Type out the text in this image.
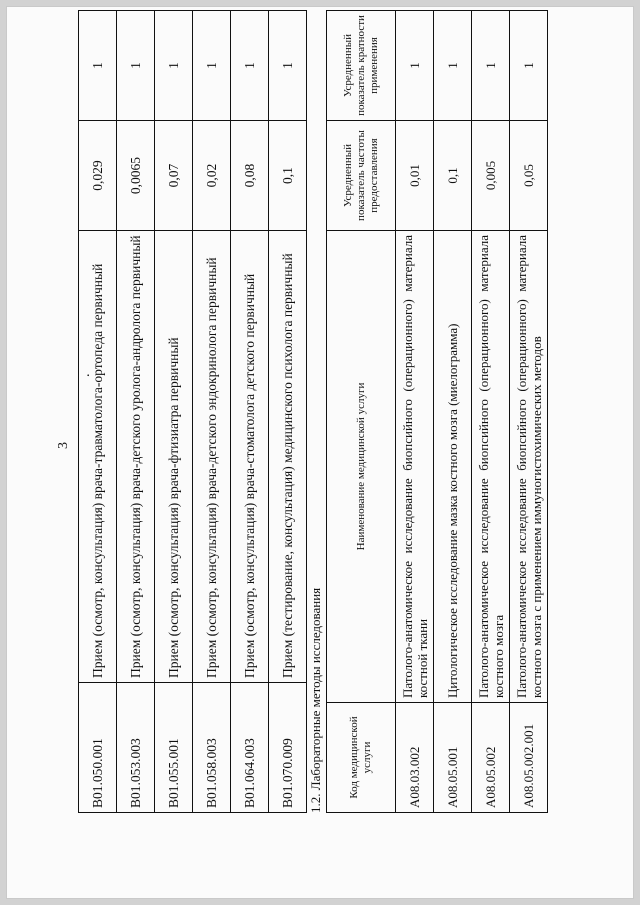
3
.
B01.050.001	Прием (осмотр, консультация) врача-травматолога-ортопеда первичный	0,029	1
B01.053.003	Прием (осмотр, консультация) врача-детского уролога-андролога первичный	0,0065	1
B01.055.001	Прием (осмотр, консультация) врача-фтизиатра первичный	0,07	1
B01.058.003	Прием (осмотр, консультация) врача-детского эндокринолога первичный	0,02	1
B01.064.003	Прием (осмотр, консультация) врача-стоматолога детского первичный	0,08	1
B01.070.009	Прием (тестирование, консультация) медицинского психолога первичный	0,1	1
1.2. Лабораторные методы исследования Код медицинской услуги	Наименование медицинской услуги	Усредненный показатель частоты предоставления	Усредненный показатель кратности применения
A08.03.002	Патолого-анатомическое исследование биопсийного (операционного) материала костной ткани	0,01	1
A08.05.001	Цитологическое исследование мазка костного мозга (миелограмма)	0,1	1
A08.05.002	Патолого-анатомическое исследование биопсийного (операционного) материала костного мозга	0,005	1
A08.05.002.001	Патолого-анатомическое исследование биопсийного (операционного) материала костного мозга с применением иммуногистохимических методов	0,05	1
